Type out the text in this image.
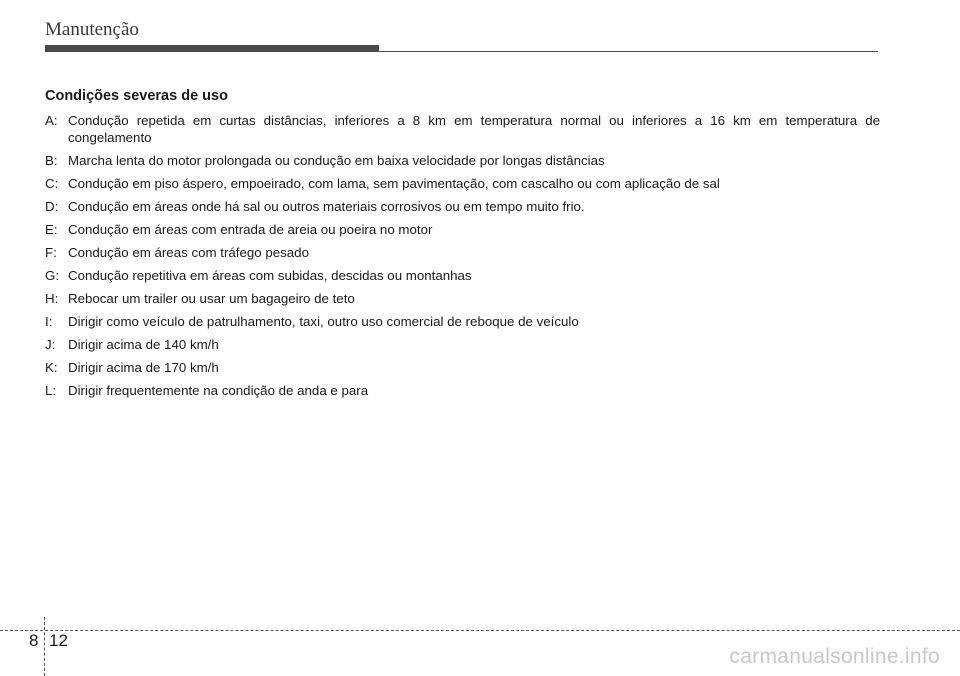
Manutenção
Condições severas de uso
A: Condução repetida em curtas distâncias, inferiores a 8 km em temperatura normal ou inferiores a 16 km em temperatura de congelamento
B: Marcha lenta do motor prolongada ou condução em baixa velocidade por longas distâncias
C: Condução em piso áspero, empoeirado, com lama, sem pavimentação, com cascalho ou com aplicação de sal
D: Condução em áreas onde há sal ou outros materiais corrosivos ou em tempo muito frio.
E: Condução em áreas com entrada de areia ou poeira no motor
F: Condução em áreas com tráfego pesado
G: Condução repetitiva em áreas com subidas, descidas ou montanhas
H: Rebocar um trailer ou usar um bagageiro de teto
I:	Dirigir como veículo de patrulhamento, taxi, outro uso comercial de reboque de veículo
J: Dirigir acima de 140 km/h
K: Dirigir acima de 170 km/h
L: Dirigir frequentemente na condição de anda e para
8 12
carmanualsonline.info
